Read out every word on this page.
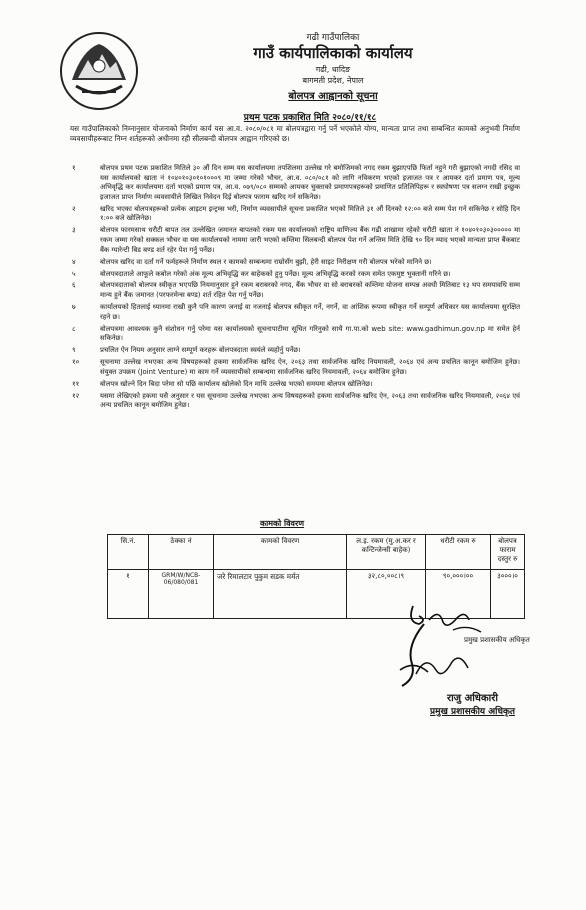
गढी गाउँपालिका
गाउँ कार्यपालिकाको कार्यालय
गढी, धादिङ
बागमती प्रदेश, नेपाल
बोलपत्र आह्वानको सूचना
प्रथम पटक प्रकाशित मिति २०८०/११/१८
यस गाउँपालिकाको निम्नानुसार योजनाको निर्माण कार्य यस आ.व. २०८०/०८१ मा बोलपत्रद्वारा गर्नु पर्ने भएकोले योग्य, मान्यता प्राप्त तथा सम्बन्धित कामको अनुभवी निर्माण व्यवसायीहरूबाट निम्न शर्तहरूको अधीनमा रही सीलबन्दी बोलपत्र आह्वान गरिएको छ।
१	बोलपत्र प्रथम पटक प्रकाशित मितिले ३० औं दिन सम्म यस कार्यालयमा तपशिलमा उल्लेख गरे बमोजिमको नगद रकम बुझाएपछि फिर्ता नहुने गरी बुझाएको नगदी रसिद वा यस कार्यालयको खाता नं १०४०१०३०१०१०००९ मा जम्मा गरेको भौचर, आ.व. ०८०/०८१ को लागि नविकरण भएको इजाजत पत्र र आयकर दर्ता प्रमाण पत्र, मूल्य अभिवृद्धि कर कार्यालयमा दर्ता भएको प्रमाण पत्र, आ.व. ०७९/०८० सम्मको आयकर चुक्ताको प्रमाणपत्रहरूको प्रमाणित प्रतिलिपिहरू र स्वघोषणा पत्र सलग्न राखी इच्छुक इजाजत प्राप्त निर्माण व्यवसायीले लिखित निवेदन दिई बोलपत्र फाराम खरिद गर्न सकिनेछ।
२	खरिद भएका बोलपत्रहरूको प्रत्येक आइटम इन्ट्रम्स भरी, निर्माण व्यवसायीले सूचना प्रकाशित भएको मितिले ३१ औं दिनको १२:०० बजे सम्म पेश गर्न सकिनेछ र सोहि दिन १:०० बजे खोलिनेछ।
३	बोलपत्र फारमसाथ धरौटी बापत तल उल्लेखित जमानत बापतको रकम यस कार्यालयको राष्ट्रिय वाणिज्य बैंक गढी शाखामा रहेको धरौटी खाता नं १०४०१०३०३००००० मा रकम जम्मा गरेको सक्कल भौचर वा यस कार्यालयको नाममा जारी भएको कम्तिमा सिलबन्दी बोलपत्र पेश गर्ने अन्तिम मिति देखि ९० दिन म्याद भएको मान्यता प्राप्त बैंकबाट बैंक ग्यारेन्टी बिड बण्ड शर्त रहेर पेश गर्नु पर्नेछ।
४	बोलपत्र खरिद वा दर्ता गर्ने फर्महरूले निर्माण स्थल र कामको सम्बन्धमा राम्रोसँग बुझी, हेरी साइट निरीक्षण गरी बोलपत्र भरेको मानिने छ।
५	बोलपत्रदाताले आफूले कबोल गरेको अंक मूल्य अभिवृद्धि कर बाहेकको हुनु पर्नेछ। मूल्य अभिवृद्धि करको रकम समेत एकमुष्ट भुक्तानी गरिने छ।
६	बोलपत्रदाताको बोलपत्र स्वीकृत भएपछि नियमानुसार हुने रकम बराबरको नगद, बैंक भौचर वा सो बराबरको कम्तिमा योजना सम्पन्न अवधी मितिबाट १३ थप समयावधि सम्म मान्य हुने बैंक जमानत (परफरमेन्स बण्ड) शर्त रहित पेश गर्नु पर्नेछ।
७	कार्यालयको हितलाई ध्यानमा राखी कुनै पनि कारण जनाई वा नजनाई बोलपत्र स्वीकृत गर्ने, नगर्ने, वा आंशिक रूपमा स्वीकृत गर्ने सम्पूर्ण अधिकार यस कार्यालयमा सुरक्षित रहने छ।
८	बोलपत्रमा आवश्यक कुनै संशोधन गर्नु परेमा यस कार्यालयको सूचनापाटीमा सूचित गरिनुको साथै गा.पा.को web site: www.gadhimun.gov.np मा समेत हेर्न सकिनेछ।
९	प्रचलित ऐन नियम अनुसार लाग्ने सम्पूर्ण करहरू बोलपत्रदाता स्वयंले व्यहोर्नु पर्नेछ।
१०	सूचनामा उल्लेख नभएका अन्य विषयहरूको हकमा सार्वजनिक खरिद ऐन, २०६३ तथा सार्वजनिक खरिद नियमावली, २०६४ एवं अन्य प्रचलित कानून बमोजिम हुनेछ। संयुक्त उपक्रम (Joint Venture) मा काम गर्ने व्यवसायीको सम्बन्धमा सार्वजनिक खरिद नियमावली, २०६४ बमोजिम हुनेछ।
११	बोलपत्र खोल्ने दिन बिदा परेमा सो पछि कार्यालय खोलेको दिन माथि उल्लेख भएको समयमा बोलपत्र खोलिनेछ।
१२	यसमा लेखिएको हकमा यसै अनुसार र यस सूचनामा उल्लेख नभएका अन्य विषयहरूको हकमा सार्वजनिक खरिद ऐन, २०६३ तथा सार्वजनिक खरिद नियमावली, २०६४ एवं अन्य प्रचलित कानून बमोजिम हुनेछ।
कामको विवरण
सि.नं.	ठेक्का नं	कामको विवरण	ल.इ. रकम (मु.अ.कर र कन्टिन्जेन्सी बाहेक)	धरौटी रकम रु	बोलपत्र फाराम दस्तुर रु
१	GRM/W/NCB-06/080/081	जरे रिमालटार पुकुम सडक मर्मत	३२,८०,००८।९	९०,०००।००	३०००।०
प्रमुख प्रशासकीय अधिकृत
राजु अधिकारी
प्रमुख प्रशासकीय अधिकृत
